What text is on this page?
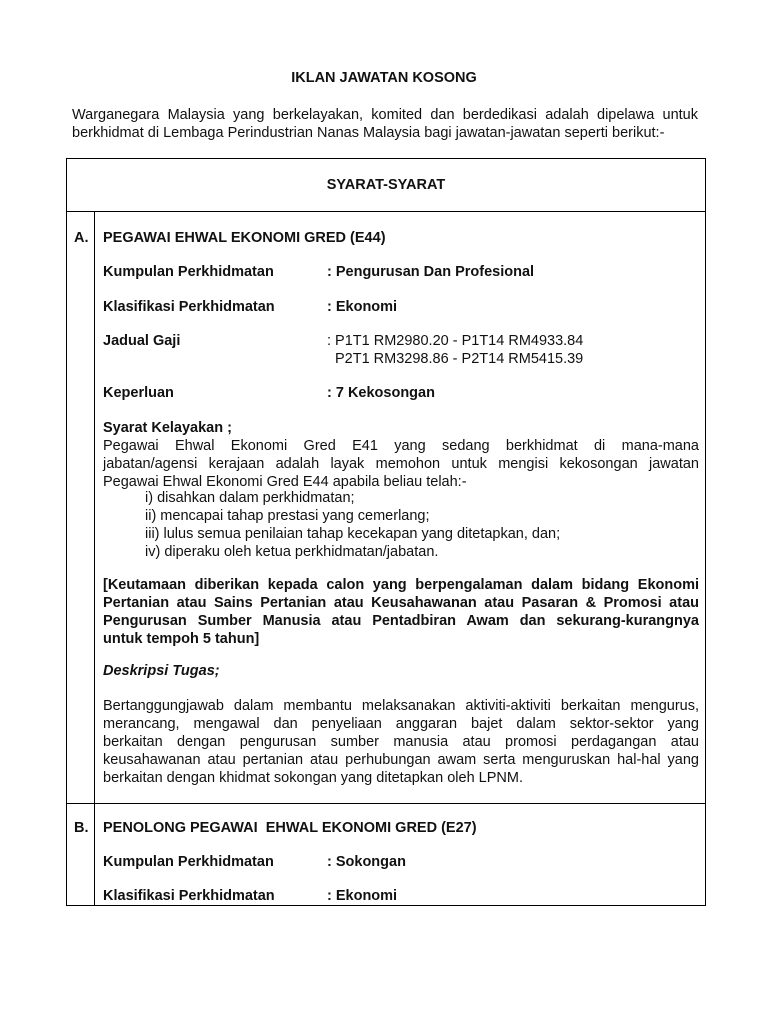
IKLAN JAWATAN KOSONG

Warganegara Malaysia yang berkelayakan, komited dan berdedikasi adalah dipelawa untuk
berkhidmat di Lembaga Perindustrian Nanas Malaysia bagi jawatan-jawatan seperti berikut:-

SYARAT-SYARAT
A. PEGAWAI EHWAL EKONOMI GRED (E44)
Kumpulan Perkhidmatan	: Pengurusan Dan Profesional
Klasifikasi Perkhidmatan	: Ekonomi
Jadual Gaji	: P1T1 RM2980.20 - P1T14 RM4933.84
P2T1 RM3298.86 - P2T14 RM5415.39
Keperluan	: 7 Kekosongan
Syarat Kelayakan ;

Pegawai Ehwal Ekonomi Gred E41 yang sedang berkhidmat di mana-mana
jabatan/agensi kerajaan adalah layak memohon untuk mengisi kekosongan jawatan
Pegawai Ehwal Ekonomi Gred E44 apabila beliau telah:-

i) disahkan dalam perkhidmatan;
ii) mencapai tahap prestasi yang cemerlang;
iii) lulus semua penilaian tahap kecekapan yang ditetapkan, dan;
iv) diperaku oleh ketua perkhidmatan/jabatan.

[Keutamaan diberikan kepada calon yang berpengalaman dalam bidang Ekonomi
Pertanian atau Sains Pertanian atau Keusahawanan atau Pasaran & Promosi atau
Pengurusan Sumber Manusia atau Pentadbiran Awam dan sekurang-kurangnya
untuk tempoh 5 tahun]

Deskripsi Tugas;

Bertanggungjawab dalam membantu melaksanakan aktiviti-aktiviti berkaitan mengurus,
merancang, mengawal dan penyeliaan anggaran bajet dalam sektor-sektor yang
berkaitan dengan pengurusan sumber manusia atau promosi perdagangan atau
keusahawanan atau pertanian atau perhubungan awam serta menguruskan hal-hal yang
berkaitan dengan khidmat sokongan yang ditetapkan oleh LPNM.

B. PENOLONG PEGAWAI  EHWAL EKONOMI GRED (E27)
Kumpulan Perkhidmatan	: Sokongan
Klasifikasi Perkhidmatan	: Ekonomi
